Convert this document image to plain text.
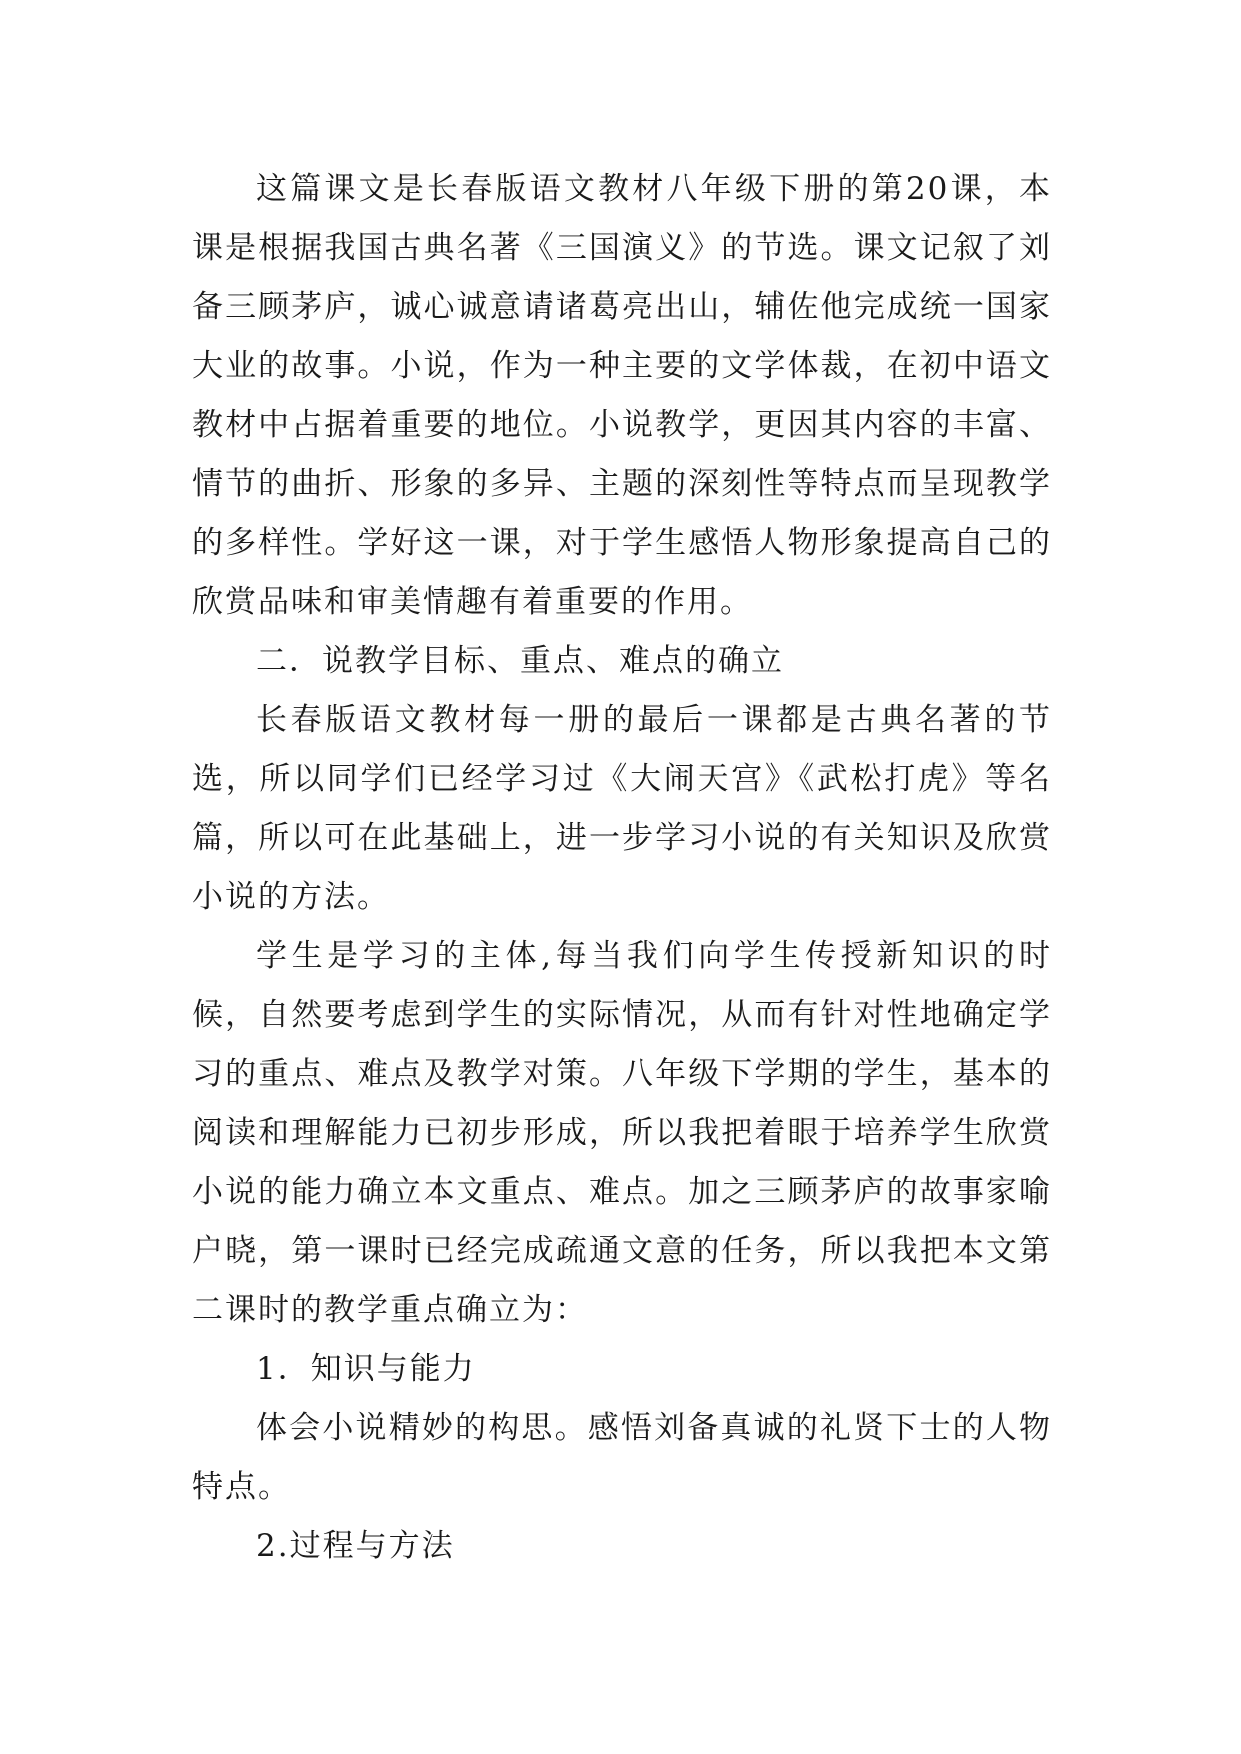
这篇课文是长春版语文教材八年级下册的第20课，本课是根据我国古典名著《三国演义》的节选。课文记叙了刘备三顾茅庐，诚心诚意请诸葛亮出山，辅佐他完成统一国家大业的故事。小说，作为一种主要的文学体裁，在初中语文教材中占据着重要的地位。小说教学，更因其内容的丰富、情节的曲折、形象的多异、主题的深刻性等特点而呈现教学的多样性。学好这一课，对于学生感悟人物形象提高自己的欣赏品味和审美情趣有着重要的作用。

二．说教学目标、重点、难点的确立

长春版语文教材每一册的最后一课都是古典名著的节选，所以同学们已经学习过《大闹天宫》《武松打虎》等名篇，所以可在此基础上，进一步学习小说的有关知识及欣赏小说的方法。

学生是学习的主体,每当我们向学生传授新知识的时候，自然要考虑到学生的实际情况，从而有针对性地确定学习的重点、难点及教学对策。八年级下学期的学生，基本的阅读和理解能力已初步形成，所以我把着眼于培养学生欣赏小说的能力确立本文重点、难点。加之三顾茅庐的故事家喻户晓，第一课时已经完成疏通文意的任务，所以我把本文第二课时的教学重点确立为：

1．知识与能力

体会小说精妙的构思。感悟刘备真诚的礼贤下士的人物特点。

2.过程与方法
